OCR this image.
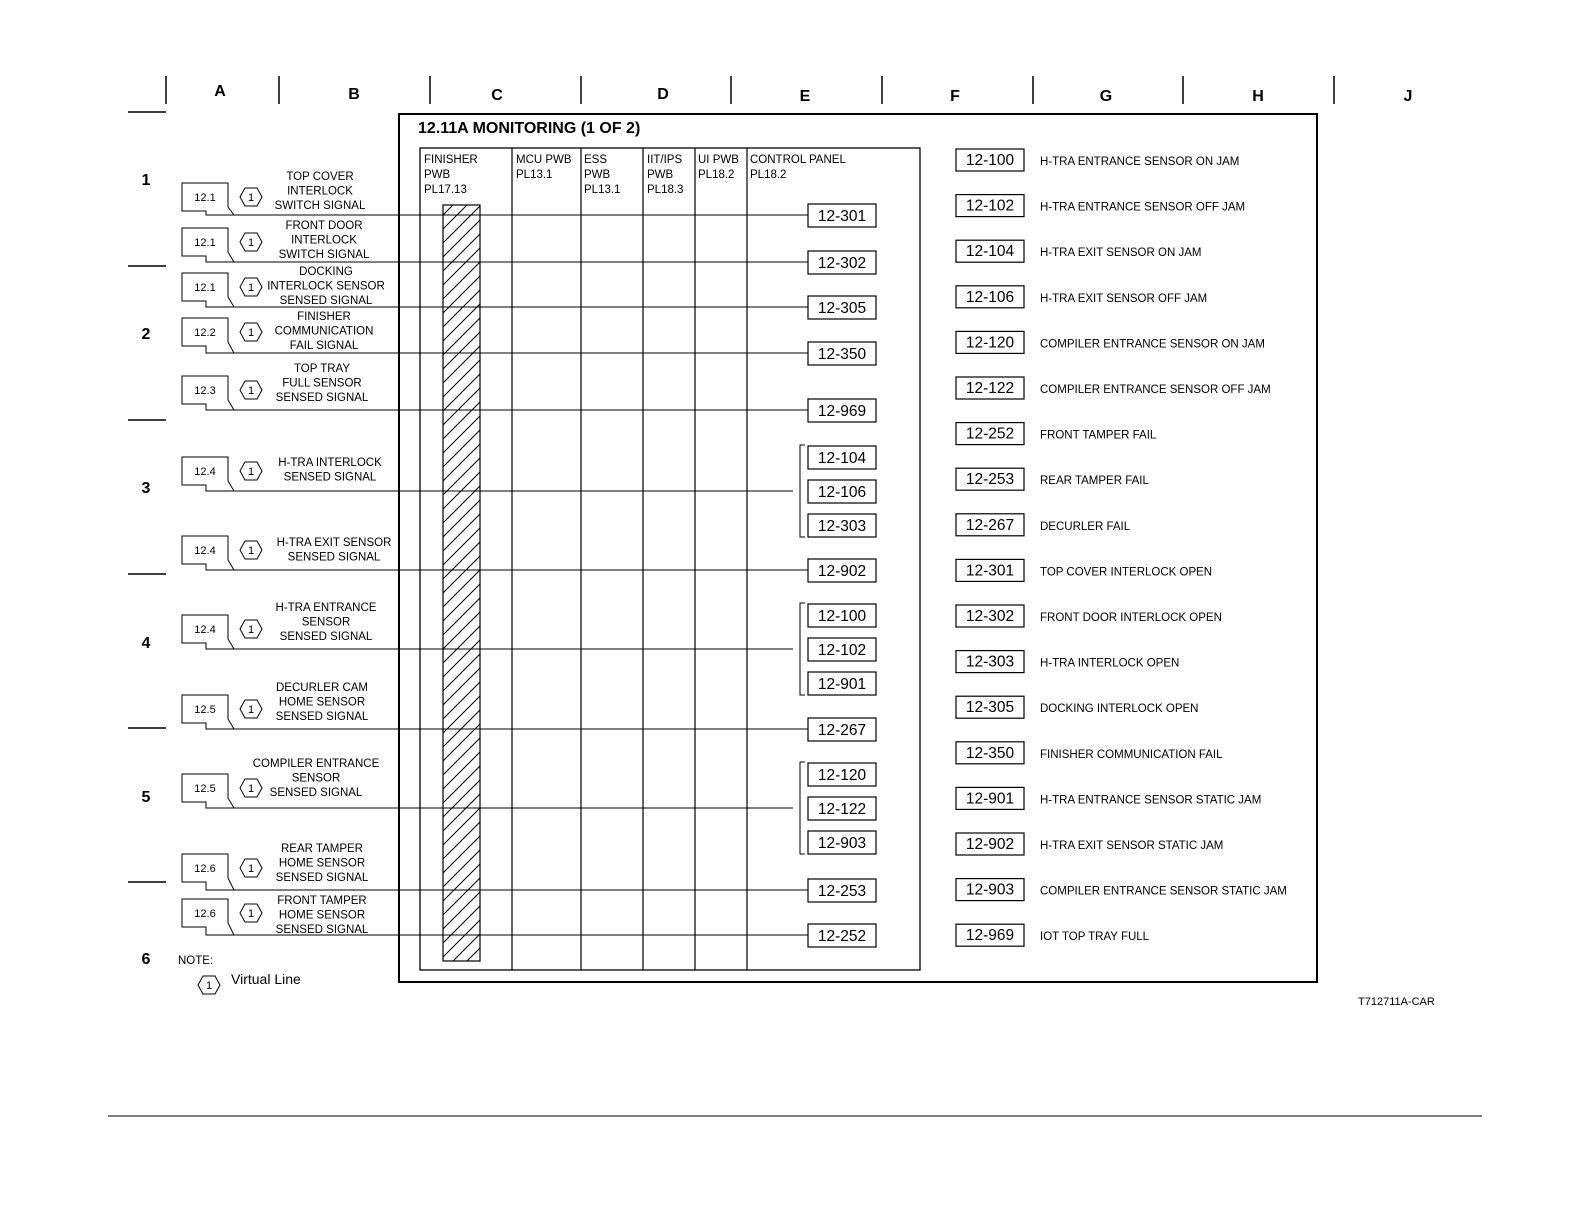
A	B	C	D	E	F	G	H	J
1
2
3
4
5
6
12.11A MONITORING (1 OF 2)
FINISHER
PWB
PL17.13
MCU PWB
PL13.1
ESS
PWB
PL13.1
IIT/IPS
PWB
PL18.3
UI PWB
PL18.2
CONTROL PANEL
PL18.2
TOP COVER
INTERLOCK
SWITCH SIGNAL
12.1	1
12-301
FRONT DOOR
INTERLOCK
SWITCH SIGNAL
12.1	1
12-302
DOCKING
INTERLOCK SENSOR
SENSED SIGNAL
12.1	1
12-305
FINISHER
COMMUNICATION
FAIL SIGNAL
12.2	1
12-350
TOP TRAY
FULL SENSOR
SENSED SIGNAL
12.3	1
12-969
H-TRA INTERLOCK
SENSED SIGNAL
12.4	1
12-104
12-106
12-303
H-TRA EXIT SENSOR
SENSED SIGNAL
12.4	1
12-902
H-TRA ENTRANCE
SENSOR
SENSED SIGNAL
12.4	1
12-100
12-102
12-901
DECURLER CAM
HOME SENSOR
SENSED SIGNAL
12.5	1
12-267
COMPILER ENTRANCE
SENSOR
SENSED SIGNAL
12.5	1
12-120
12-122
12-903
REAR TAMPER
HOME SENSOR
SENSED SIGNAL
12.6	1
12-253
FRONT TAMPER
HOME SENSOR
SENSED SIGNAL
12.6	1
12-252
12-100 H-TRA ENTRANCE SENSOR ON JAM
12-102 H-TRA ENTRANCE SENSOR OFF JAM
12-104 H-TRA EXIT SENSOR ON JAM
12-106 H-TRA EXIT SENSOR OFF JAM
12-120 COMPILER ENTRANCE SENSOR ON JAM
12-122 COMPILER ENTRANCE SENSOR OFF JAM
12-252 FRONT TAMPER FAIL
12-253 REAR TAMPER FAIL
12-267 DECURLER FAIL
12-301 TOP COVER INTERLOCK OPEN
12-302 FRONT DOOR INTERLOCK OPEN
12-303 H-TRA INTERLOCK OPEN
12-305 DOCKING INTERLOCK OPEN
12-350 FINISHER COMMUNICATION FAIL
12-901 H-TRA ENTRANCE SENSOR STATIC JAM
12-902 H-TRA EXIT SENSOR STATIC JAM
12-903 COMPILER ENTRANCE SENSOR STATIC JAM
12-969 IOT TOP TRAY FULL
NOTE:
1 Virtual Line
T712711A-CAR
